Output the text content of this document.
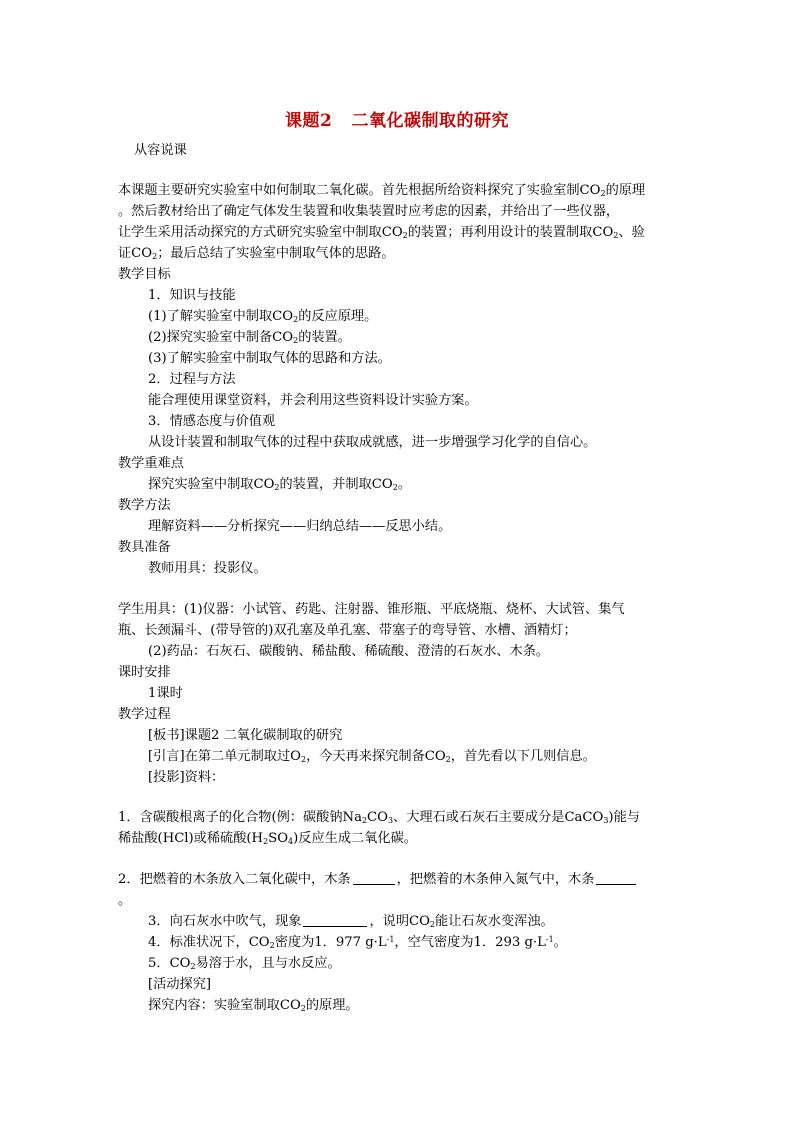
课题2   二氧化碳制取的研究
从容说课
本课题主要研究实验室中如何制取二氧化碳。首先根据所给资料探究了实验室制$CO_2$的原理
。然后教材给出了确定气体发生装置和收集装置时应考虑的因素，并给出了一些仪器，
让学生采用活动探究的方式研究实验室中制取$CO_2$的装置；再利用设计的装置制取$CO_2$、验
证$CO_2$；最后总结了实验室中制取气体的思路。
教学目标
1．知识与技能
(1)了解实验室中制取$CO_2$的反应原理。
(2)探究实验室中制备$CO_2$的装置。
(3)了解实验室中制取气体的思路和方法。
2．过程与方法
能合理使用课堂资料，并会利用这些资料设计实验方案。
3．情感态度与价值观
从设计装置和制取气体的过程中获取成就感，进一步增强学习化学的自信心。
教学重难点
探究实验室中制取$CO_2$的装置，并制取$CO_2$。
教学方法
理解资料——分析探究——归纳总结——反思小结。
教具准备
教师用具：投影仪。
学生用具：(1)仪器：小试管、药匙、注射器、锥形瓶、平底烧瓶、烧杯、大试管、集气
瓶、长颈漏斗、(带导管的)双孔塞及单孔塞、带塞子的弯导管、水槽、酒精灯；
(2)药品：石灰石、碳酸钠、稀盐酸、稀硫酸、澄清的石灰水、木条。
课时安排
1课时
教学过程
[板书]课题2 二氧化碳制取的研究
[引言]在第二单元制取过$O_2$，今天再来探究制备$CO_2$，首先看以下几则信息。
[投影]资料：
1．含碳酸根离子的化合物(例：碳酸钠$Na_2CO_3$、大理石或石灰石主要成分是CaCO$_3$)能与
稀盐酸(HCl)或稀硫酸$(H_2SO_4)$反应生成二氧化碳。
2．把燃着的木条放入二氧化碳中，木条	，把燃着的木条伸入氮气中，木条
。
3．向石灰水中吹气，现象	，说明$CO_2$能让石灰水变浑浊。
4．标准状况下，$CO_2$密度为1．977 $g\cdot L^{-1}$，空气密度为1．293 $g\cdot L^{-1}$。
5．$CO_2$易溶于水，且与水反应。
[活动探究]
探究内容：实验室制取$CO_2$的原理。
